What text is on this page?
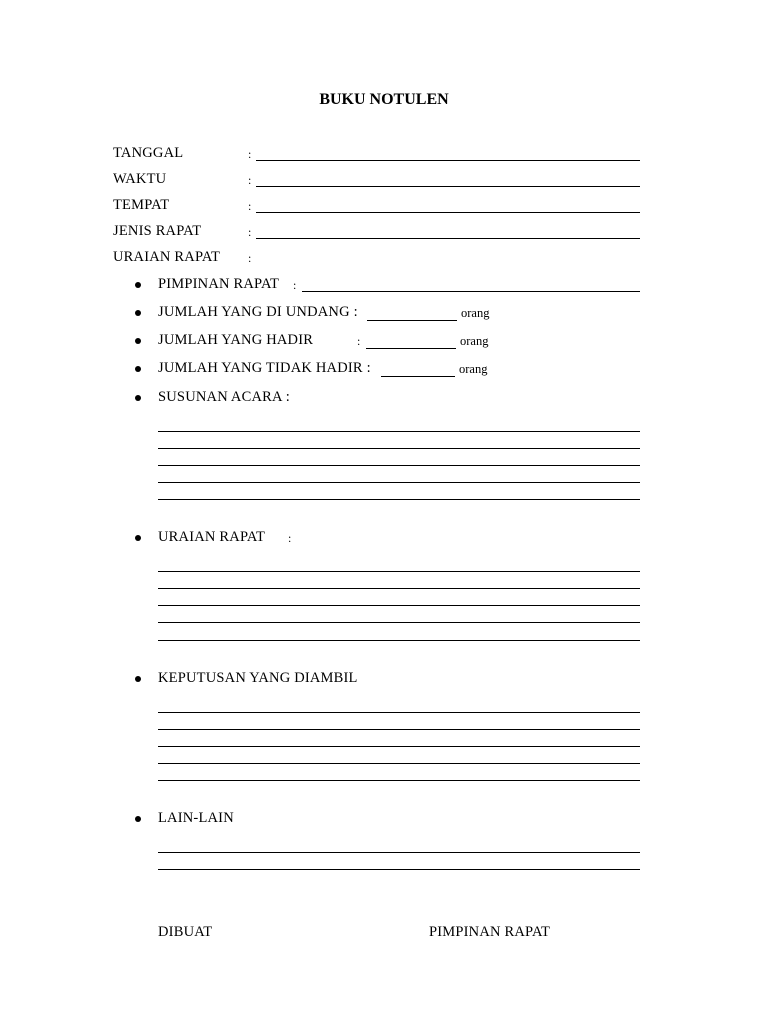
BUKU NOTULEN
TANGGAL	:
WAKTU	:
TEMPAT	:
JENIS RAPAT	:
URAIAN RAPAT :
PIMPINAN RAPAT :
JUMLAH YANG DI UNDANG :	orang
JUMLAH YANG HADIR	:	orang
JUMLAH YANG TIDAK HADIR :	orang
SUSUNAN ACARA :
URAIAN RAPAT :
KEPUTUSAN YANG DIAMBIL
LAIN-LAIN
DIBUAT	PIMPINAN RAPAT
